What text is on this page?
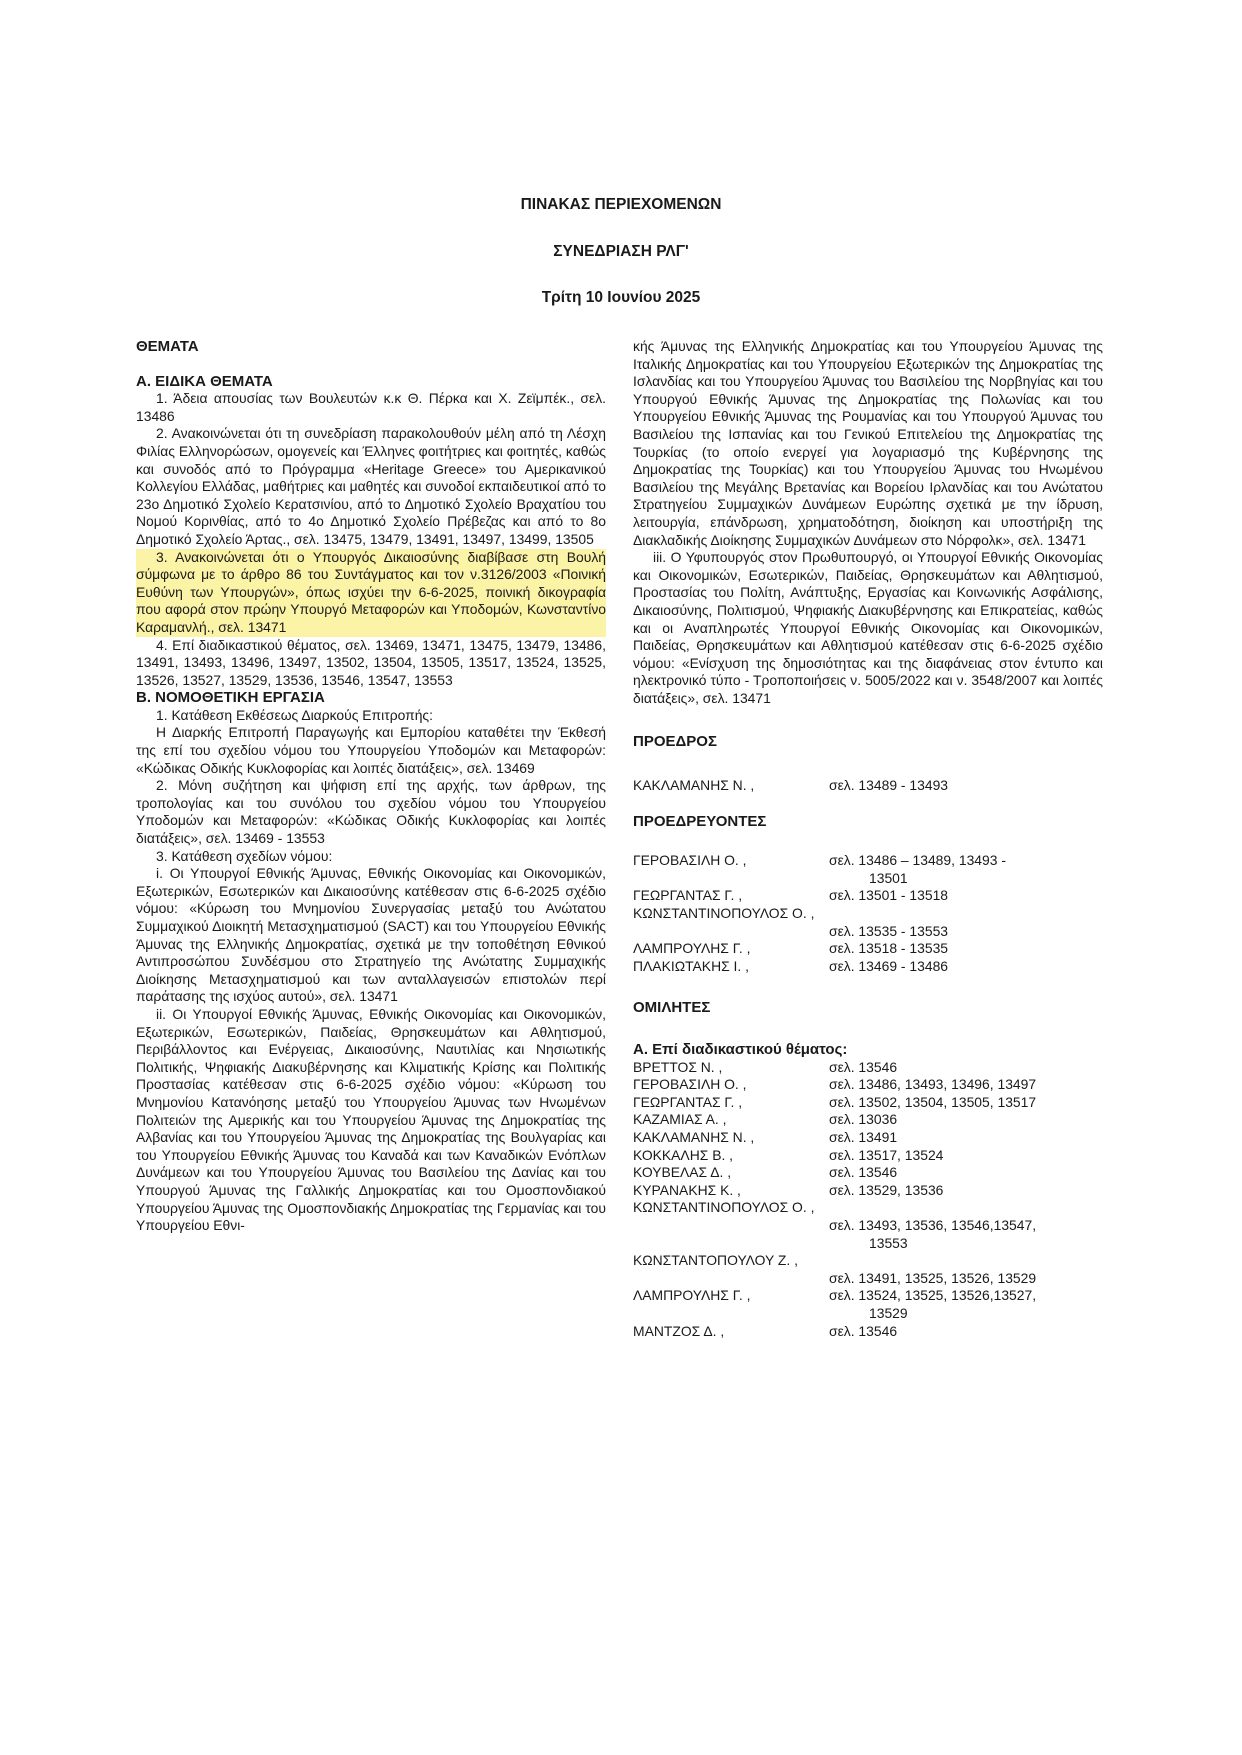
ΠΙΝΑΚΑΣ ΠΕΡΙΕΧΟΜΕΝΩΝ
ΣΥΝΕΔΡΙΑΣΗ ΡΛΓ'
Τρίτη 10 Ιουνίου 2025

ΘΕΜΑΤΑ

Α. ΕΙΔΙΚΑ ΘΕΜΑΤΑ

1. Άδεια απουσίας των Βουλευτών κ.κ Θ. Πέρκα και Χ. Ζεϊμπέκ., σελ. 13486

2. Ανακοινώνεται ότι τη συνεδρίαση παρακολουθούν μέλη από τη Λέσχη Φιλίας Ελληνορώσων, ομογενείς και Έλληνες φοιτήτριες και φοιτητές, καθώς και συνοδός από το Πρόγραμμα «Heritage Greece» του Αμερικανικού Κολλεγίου Ελλάδας, μαθήτριες και μαθητές και συνοδοί εκπαιδευτικοί από το 23ο Δημοτικό Σχολείο Κερατσινίου, από το Δημοτικό Σχολείο Βραχατίου του Νομού Κορινθίας, από το 4ο Δημοτικό Σχολείο Πρέβεζας και από το 8ο Δημοτικό Σχολείο Άρτας., σελ. 13475, 13479, 13491, 13497, 13499, 13505

3. Ανακοινώνεται ότι ο Υπουργός Δικαιοσύνης διαβίβασε στη Βουλή σύμφωνα με το άρθρο 86 του Συντάγματος και τον ν.3126/2003 «Ποινική Ευθύνη των Υπουργών», όπως ισχύει την 6-6-2025, ποινική δικογραφία που αφορά στον πρώην Υπουργό Μεταφορών και Υποδομών, Κωνσταντίνο Καραμανλή., σελ. 13471

4. Επί διαδικαστικού θέματος, σελ. 13469, 13471, 13475, 13479, 13486, 13491, 13493, 13496, 13497, 13502, 13504, 13505, 13517, 13524, 13525, 13526, 13527, 13529, 13536, 13546, 13547, 13553

Β. ΝΟΜΟΘΕΤΙΚΗ ΕΡΓΑΣΙΑ

1. Κατάθεση Εκθέσεως Διαρκούς Επιτροπής:

Η Διαρκής Επιτροπή Παραγωγής και Εμπορίου καταθέτει την Έκθεσή της επί του σχεδίου νόμου του Υπουργείου Υποδομών και Μεταφορών: «Κώδικας Οδικής Κυκλοφορίας και λοιπές διατάξεις», σελ. 13469

2. Μόνη συζήτηση και ψήφιση επί της αρχής, των άρθρων, της τροπολογίας και του συνόλου του σχεδίου νόμου του Υπουργείου Υποδομών και Μεταφορών: «Κώδικας Οδικής Κυκλοφορίας και λοιπές διατάξεις», σελ. 13469 - 13553

3. Κατάθεση σχεδίων νόμου:

i. Οι Υπουργοί Εθνικής Άμυνας, Εθνικής Οικονομίας και Οικονομικών, Εξωτερικών, Εσωτερικών και Δικαιοσύνης κατέθεσαν στις 6-6-2025 σχέδιο νόμου: «Κύρωση του Μνημονίου Συνεργασίας μεταξύ του Ανώτατου Συμμαχικού Διοικητή Μετασχηματισμού (SACT) και του Υπουργείου Εθνικής Άμυνας της Ελληνικής Δημοκρατίας, σχετικά με την τοποθέτηση Εθνικού Αντιπροσώπου Συνδέσμου στο Στρατηγείο της Ανώτατης Συμμαχικής Διοίκησης Μετασχηματισμού και των ανταλλαγεισών επιστολών περί παράτασης της ισχύος αυτού», σελ. 13471

ii. Οι Υπουργοί Εθνικής Άμυνας, Εθνικής Οικονομίας και Οικονομικών, Εξωτερικών, Εσωτερικών, Παιδείας, Θρησκευμάτων και Αθλητισμού, Περιβάλλοντος και Ενέργειας, Δικαιοσύνης, Ναυτιλίας και Νησιωτικής Πολιτικής, Ψηφιακής Διακυβέρνησης και Κλιματικής Κρίσης και Πολιτικής Προστασίας κατέθεσαν στις 6-6-2025 σχέδιο νόμου: «Κύρωση του Μνημονίου Κατανόησης μεταξύ του Υπουργείου Άμυνας των Ηνωμένων Πολιτειών της Αμερικής και του Υπουργείου Άμυνας της Δημοκρατίας της Αλβανίας και του Υπουργείου Άμυνας της Δημοκρατίας της Βουλγαρίας και του Υπουργείου Εθνικής Άμυνας του Καναδά και των Καναδικών Ενόπλων Δυνάμεων και του Υπουργείου Άμυνας του Βασιλείου της Δανίας και του Υπουργού Άμυνας της Γαλλικής Δημοκρατίας και του Ομοσπονδιακού Υπουργείου Άμυνας της Ομοσπονδιακής Δημοκρατίας της Γερμανίας και του Υπουργείου Εθνι-

κής Άμυνας της Ελληνικής Δημοκρατίας και του Υπουργείου Άμυνας της Ιταλικής Δημοκρατίας και του Υπουργείου Εξωτερικών της Δημοκρατίας της Ισλανδίας και του Υπουργείου Άμυνας του Βασιλείου της Νορβηγίας και του Υπουργού Εθνικής Άμυνας της Δημοκρατίας της Πολωνίας και του Υπουργείου Εθνικής Άμυνας της Ρουμανίας και του Υπουργού Άμυνας του Βασιλείου της Ισπανίας και του Γενικού Επιτελείου της Δημοκρατίας της Τουρκίας (το οποίο ενεργεί για λογαριασμό της Κυβέρνησης της Δημοκρατίας της Τουρκίας) και του Υπουργείου Άμυνας του Ηνωμένου Βασιλείου της Μεγάλης Βρετανίας και Βορείου Ιρλανδίας και του Ανώτατου Στρατηγείου Συμμαχικών Δυνάμεων Ευρώπης σχετικά με την ίδρυση, λειτουργία, επάνδρωση, χρηματοδότηση, διοίκηση και υποστήριξη της Διακλαδικής Διοίκησης Συμμαχικών Δυνάμεων στο Νόρφολκ», σελ. 13471

iii. Ο Υφυπουργός στον Πρωθυπουργό, οι Υπουργοί Εθνικής Οικονομίας και Οικονομικών, Εσωτερικών, Παιδείας, Θρησκευμάτων και Αθλητισμού, Προστασίας του Πολίτη, Ανάπτυξης, Εργασίας και Κοινωνικής Ασφάλισης, Δικαιοσύνης, Πολιτισμού, Ψηφιακής Διακυβέρνησης και Επικρατείας, καθώς και οι Αναπληρωτές Υπουργοί Εθνικής Οικονομίας και Οικονομικών, Παιδείας, Θρησκευμάτων και Αθλητισμού κατέθεσαν στις 6-6-2025 σχέδιο νόμου: «Ενίσχυση της δημοσιότητας και της διαφάνειας στον έντυπο και ηλεκτρονικό τύπο - Τροποποιήσεις ν. 5005/2022 και ν. 3548/2007 και λοιπές διατάξεις», σελ. 13471

ΠΡΟΕΔΡΟΣ

ΚΑΚΛΑΜΑΝΗΣ Ν. ,	σελ. 13489 - 13493

ΠΡΟΕΔΡΕΥΟΝΤΕΣ

ΓΕΡΟΒΑΣΙΛΗ Ο. ,	σελ. 13486 – 13489, 13493 -
13501
ΓΕΩΡΓΑΝΤΑΣ Γ. ,	σελ. 13501 - 13518
ΚΩΝΣΤΑΝΤΙΝΟΠΟΥΛΟΣ Ο. ,
σελ. 13535 - 13553
ΛΑΜΠΡΟΥΛΗΣ Γ. ,	σελ. 13518 - 13535
ΠΛΑΚΙΩΤΑΚΗΣ Ι. ,	σελ. 13469 - 13486

ΟΜΙΛΗΤΕΣ

Α. Επί διαδικαστικού θέματος:

ΒΡΕΤΤΟΣ Ν. ,	σελ. 13546
ΓΕΡΟΒΑΣΙΛΗ Ο. ,	σελ. 13486, 13493, 13496, 13497
ΓΕΩΡΓΑΝΤΑΣ Γ. ,	σελ. 13502, 13504, 13505, 13517
ΚΑΖΑΜΙΑΣ Α. ,	σελ. 13036
ΚΑΚΛΑΜΑΝΗΣ Ν. ,	σελ. 13491
ΚΟΚΚΑΛΗΣ Β. ,	σελ. 13517, 13524
ΚΟΥΒΕΛΑΣ Δ. ,	σελ. 13546
ΚΥΡΑΝΑΚΗΣ Κ. ,	σελ. 13529, 13536
ΚΩΝΣΤΑΝΤΙΝΟΠΟΥΛΟΣ Ο. ,
σελ. 13493, 13536, 13546,13547,
13553
ΚΩΝΣΤΑΝΤΟΠΟΥΛΟΥ Ζ. ,
σελ. 13491, 13525, 13526, 13529
ΛΑΜΠΡΟΥΛΗΣ Γ. ,	σελ. 13524, 13525, 13526,13527,
13529
ΜΑΝΤΖΟΣ Δ. ,	σελ. 13546
